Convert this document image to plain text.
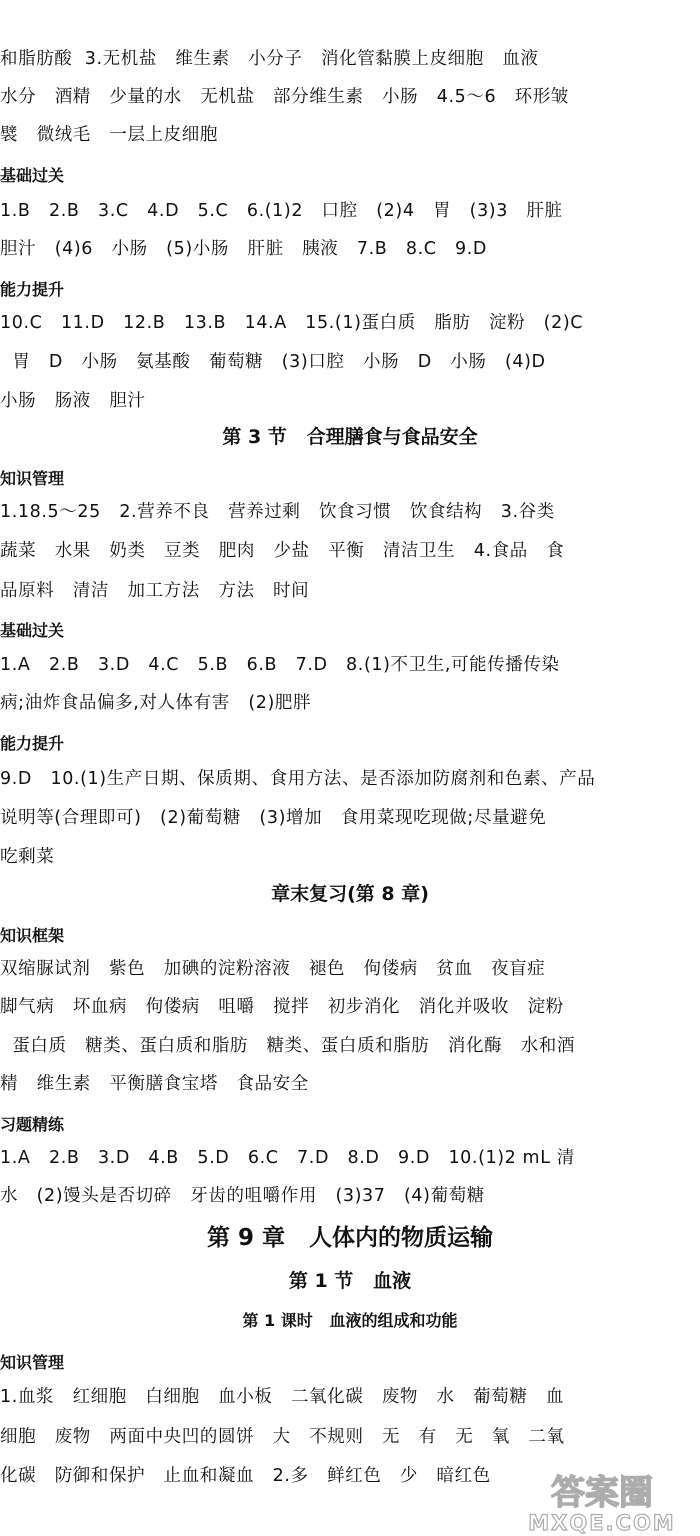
和脂肪酸  3.无机盐   维生素   小分子   消化管黏膜上皮细胞   血液
水分   酒精   少量的水   无机盐   部分维生素   小肠   4.5～6   环形皱
襞   微绒毛   一层上皮细胞
基础过关
1.B   2.B   3.C   4.D   5.C   6.(1)2   口腔   (2)4   胃   (3)3   肝脏
胆汁   (4)6   小肠   (5)小肠   肝脏   胰液   7.B   8.C   9.D
能力提升
10.C   11.D   12.B   13.B   14.A   15.(1)蛋白质   脂肪   淀粉   (2)C
胃   D   小肠   氨基酸   葡萄糖   (3)口腔   小肠   D   小肠   (4)D
小肠   肠液   胆汁
第 3 节   合理膳食与食品安全
知识管理
1.18.5～25   2.营养不良   营养过剩   饮食习惯   饮食结构   3.谷类
蔬菜   水果   奶类   豆类   肥肉   少盐   平衡   清洁卫生   4.食品   食
品原料   清洁   加工方法   方法   时间
基础过关
1.A   2.B   3.D   4.C   5.B   6.B   7.D   8.(1)不卫生,可能传播传染
病;油炸食品偏多,对人体有害   (2)肥胖
能力提升
9.D   10.(1)生产日期、保质期、食用方法、是否添加防腐剂和色素、产品
说明等(合理即可)   (2)葡萄糖   (3)增加   食用菜现吃现做;尽量避免
吃剩菜
章末复习(第 8 章)
知识框架
双缩脲试剂   紫色   加碘的淀粉溶液   褪色   佝偻病   贫血   夜盲症
脚气病   坏血病   佝偻病   咀嚼   搅拌   初步消化   消化并吸收   淀粉
蛋白质   糖类、蛋白质和脂肪   糖类、蛋白质和脂肪   消化酶   水和酒
精   维生素   平衡膳食宝塔   食品安全
习题精练
1.A   2.B   3.D   4.B   5.D   6.C   7.D   8.D   9.D   10.(1)2 mL 清
水   (2)馒头是否切碎   牙齿的咀嚼作用   (3)37   (4)葡萄糖
第 9 章   人体内的物质运输
第 1 节   血液
第 1 课时   血液的组成和功能
知识管理
1.血浆   红细胞   白细胞   血小板   二氧化碳   废物   水   葡萄糖   血
细胞   废物   两面中央凹的圆饼   大   不规则   无   有   无   氧   二氧
化碳   防御和保护   止血和凝血   2.多   鲜红色   少   暗红色	答案圈
MXQE.COM
